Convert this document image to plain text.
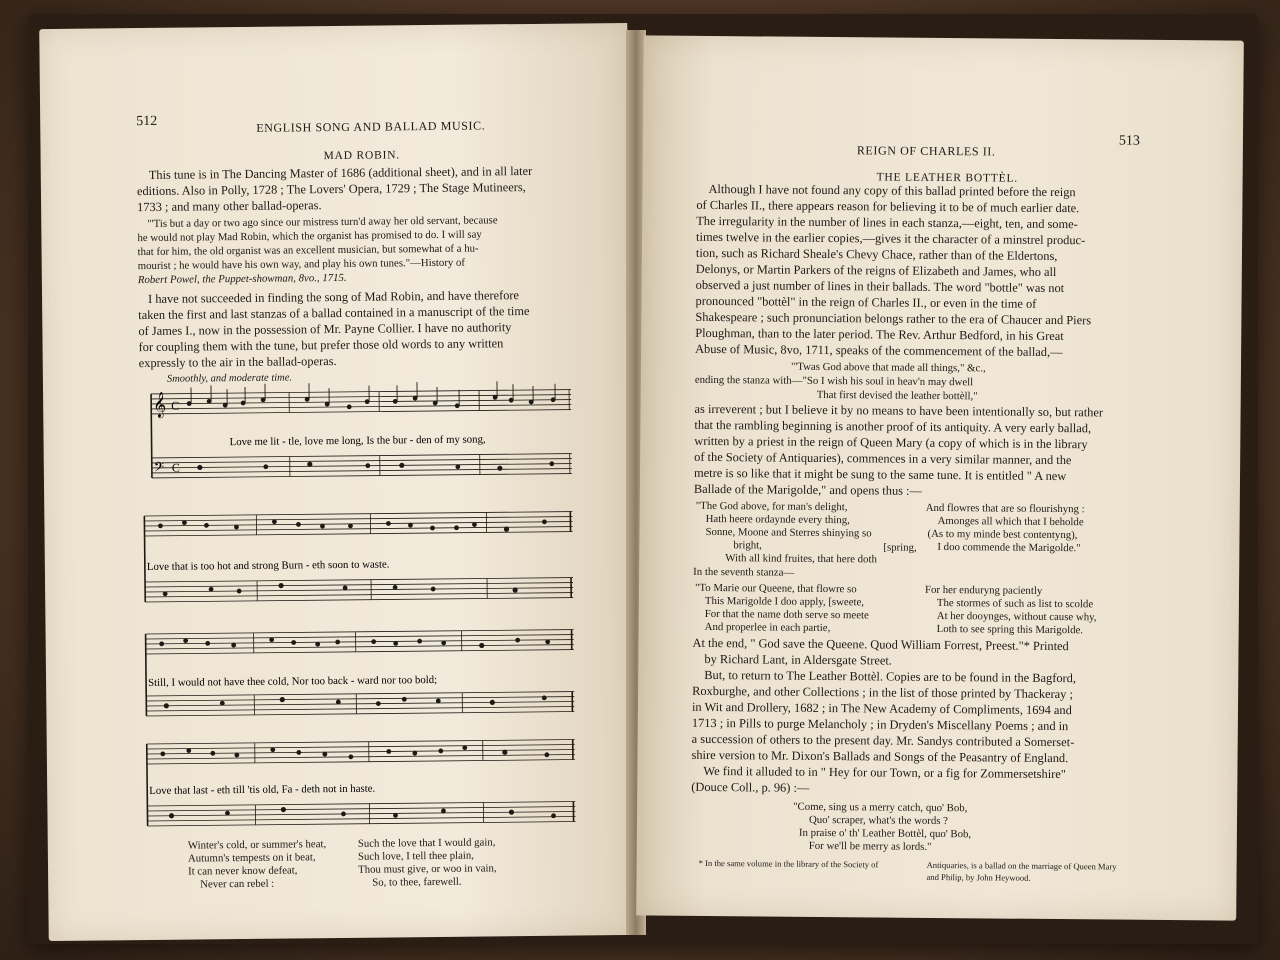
512	ENGLISH SONG AND BALLAD MUSIC.
MAD ROBIN.
This tune is in The Dancing Master of 1686 (additional sheet), and in all later
editions. Also in Polly, 1728 ; The Lovers' Opera, 1729 ; The Stage Mutineers,
1733 ; and many other ballad-operas.
"'Tis but a day or two ago since our mistress turn'd away her old servant, because
he would not play Mad Robin, which the organist has promised to do. I will say
that for him, the old organist was an excellent musician, but somewhat of a hu-
mourist ; he would have his own way, and play his own tunes."—History of
Robert Powel, the Puppet-showman, 8vo., 1715.
I have not succeeded in finding the song of Mad Robin, and have therefore
taken the first and last stanzas of a ballad contained in a manuscript of the time
of James I., now in the possession of Mr. Payne Collier. I have no authority
for coupling them with the tune, but prefer those old words to any written
expressly to the air in the ballad-operas.
Smoothly, and moderate time.
𝄞 C
𝄢 C
Love me lit - tle, love me long, Is the bur - den of my song,
Love that is too hot and strong Burn - eth soon to waste.
Still, I would not have thee cold, Nor too back - ward nor too bold;
Love that last - eth till 'tis old, Fa - deth not in haste.
Winter's cold, or summer's heat,
Autumn's tempests on it beat,
It can never know defeat,
Never can rebel :
Such the love that I would gain,
Such love, I tell thee plain,
Thou must give, or woo in vain,
So, to thee, farewell.
REIGN OF CHARLES II.
513
THE LEATHER BOTTÈL.
Although I have not found any copy of this ballad printed before the reign
of Charles II., there appears reason for believing it to be of much earlier date.
The irregularity in the number of lines in each stanza,—eight, ten, and some-
times twelve in the earlier copies,—gives it the character of a minstrel produc-
tion, such as Richard Sheale's Chevy Chace, rather than of the Eldertons,
Delonys, or Martin Parkers of the reigns of Elizabeth and James, who all
observed a just number of lines in their ballads. The word "bottle" was not
pronounced "bottèl" in the reign of Charles II., or even in the time of
Shakespeare ; such pronunciation belongs rather to the era of Chaucer and Piers
Ploughman, than to the later period. The Rev. Arthur Bedford, in his Great
Abuse of Music, 8vo, 1711, speaks of the commencement of the ballad,—
"'Twas God above that made all things," &c.,
ending the stanza with—"So I wish his soul in heav'n may dwell
That first devised the leather bottèll,"
as irreverent ; but I believe it by no means to have been intentionally so, but rather
that the rambling beginning is another proof of its antiquity. A very early ballad,
written by a priest in the reign of Queen Mary (a copy of which is in the library
of the Society of Antiquaries), commences in a very similar manner, and the
metre is so like that it might be sung to the same tune. It is entitled " A new
Ballade of the Marigolde," and opens thus :—
"The God above, for man's delight,
Hath heere ordaynde every thing,
Sonne, Moone and Sterres shinying so
bright,
With all kind fruites, that here doth
[spring,
And flowres that are so flourishyng :
Amonges all which that I beholde
(As to my minde best contentyng),
I doo commende the Marigolde."
In the seventh stanza—
"To Marie our Queene, that flowre so
This Marigolde I doo apply, [sweete,
For that the name doth serve so meete
And properlee in each partie,
For her enduryng paciently
The stormes of such as list to scolde
At her dooynges, without cause why,
Loth to see spring this Marigolde.
At the end, " God save the Queene. Quod William Forrest, Preest."* Printed
by Richard Lant, in Aldersgate Street.
But, to return to The Leather Bottèl. Copies are to be found in the Bagford,
Roxburghe, and other Collections ; in the list of those printed by Thackeray ;
in Wit and Drollery, 1682 ; in The New Academy of Compliments, 1694 and
1713 ; in Pills to purge Melancholy ; in Dryden's Miscellany Poems ; and in
a succession of others to the present day. Mr. Sandys contributed a Somerset-
shire version to Mr. Dixon's Ballads and Songs of the Peasantry of England.
We find it alluded to in " Hey for our Town, or a fig for Zommersetshire"
(Douce Coll., p. 96) :—
"Come, sing us a merry catch, quo' Bob,
Quo' scraper, what's the words ?
In praise o' th' Leather Bottèl, quo' Bob,
For we'll be merry as lords."
* In the same volume in the library of the Society of	Antiquaries, is a ballad on the marriage of Queen Mary
and Philip, by John Heywood.
